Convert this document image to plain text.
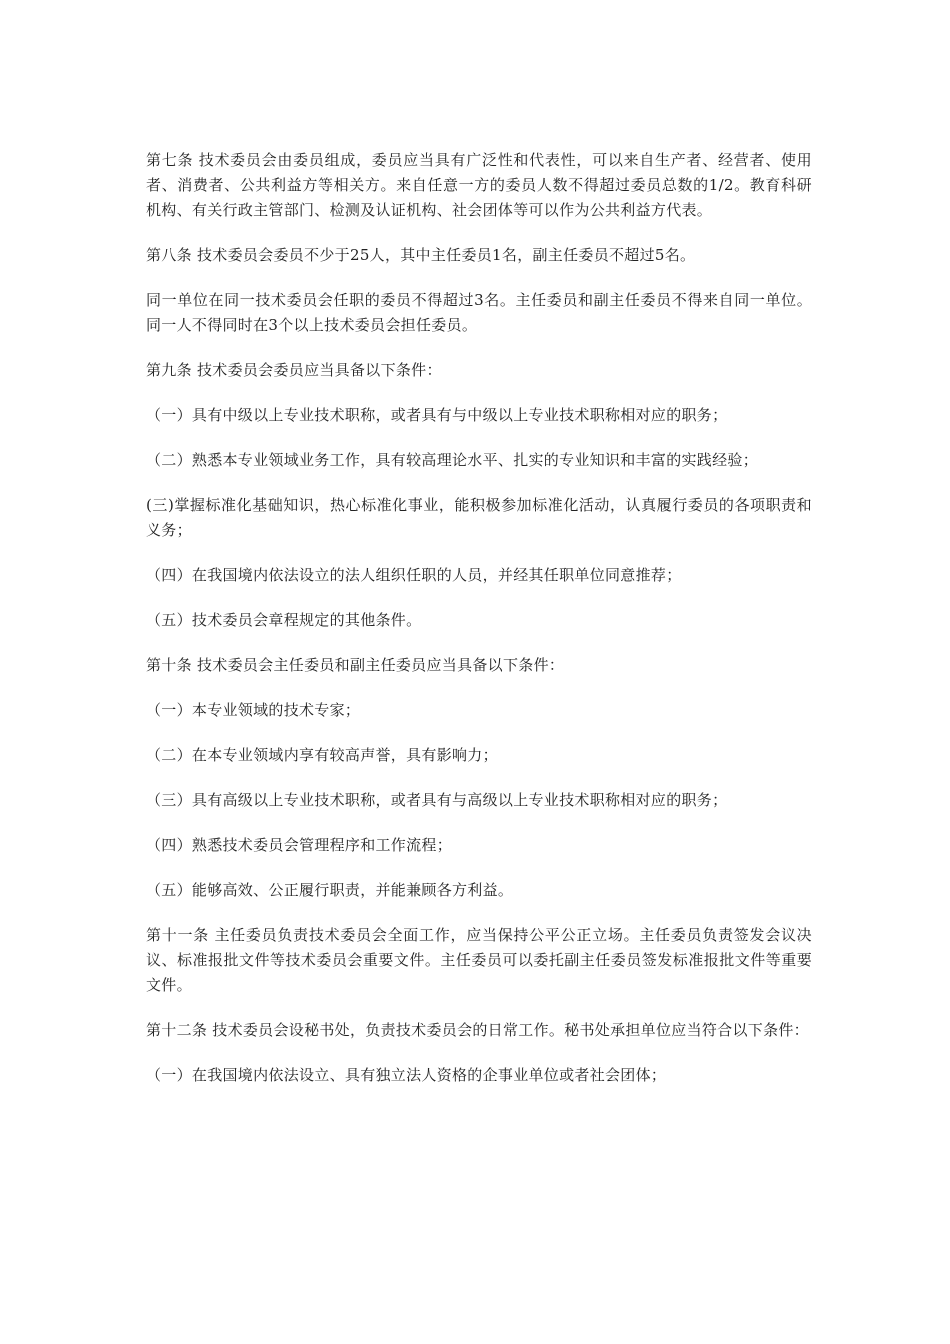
第七条 技术委员会由委员组成，委员应当具有广泛性和代表性，可以来自生产者、经营者、使用者、消费者、公共利益方等相关方。来自任意一方的委员人数不得超过委员总数的1/2。教育科研机构、有关行政主管部门、检测及认证机构、社会团体等可以作为公共利益方代表。

第八条 技术委员会委员不少于25人，其中主任委员1名，副主任委员不超过5名。

同一单位在同一技术委员会任职的委员不得超过3名。主任委员和副主任委员不得来自同一单位。同一人不得同时在3个以上技术委员会担任委员。

第九条 技术委员会委员应当具备以下条件：

（一）具有中级以上专业技术职称，或者具有与中级以上专业技术职称相对应的职务；

（二）熟悉本专业领域业务工作，具有较高理论水平、扎实的专业知识和丰富的实践经验；

(三)掌握标准化基础知识，热心标准化事业，能积极参加标准化活动，认真履行委员的各项职责和义务；

（四）在我国境内依法设立的法人组织任职的人员，并经其任职单位同意推荐；

（五）技术委员会章程规定的其他条件。

第十条 技术委员会主任委员和副主任委员应当具备以下条件：

（一）本专业领域的技术专家；

（二）在本专业领域内享有较高声誉，具有影响力；

（三）具有高级以上专业技术职称，或者具有与高级以上专业技术职称相对应的职务；

（四）熟悉技术委员会管理程序和工作流程；

（五）能够高效、公正履行职责，并能兼顾各方利益。

第十一条 主任委员负责技术委员会全面工作，应当保持公平公正立场。主任委员负责签发会议决议、标准报批文件等技术委员会重要文件。主任委员可以委托副主任委员签发标准报批文件等重要文件。

第十二条 技术委员会设秘书处，负责技术委员会的日常工作。秘书处承担单位应当符合以下条件：

（一）在我国境内依法设立、具有独立法人资格的企事业单位或者社会团体；
